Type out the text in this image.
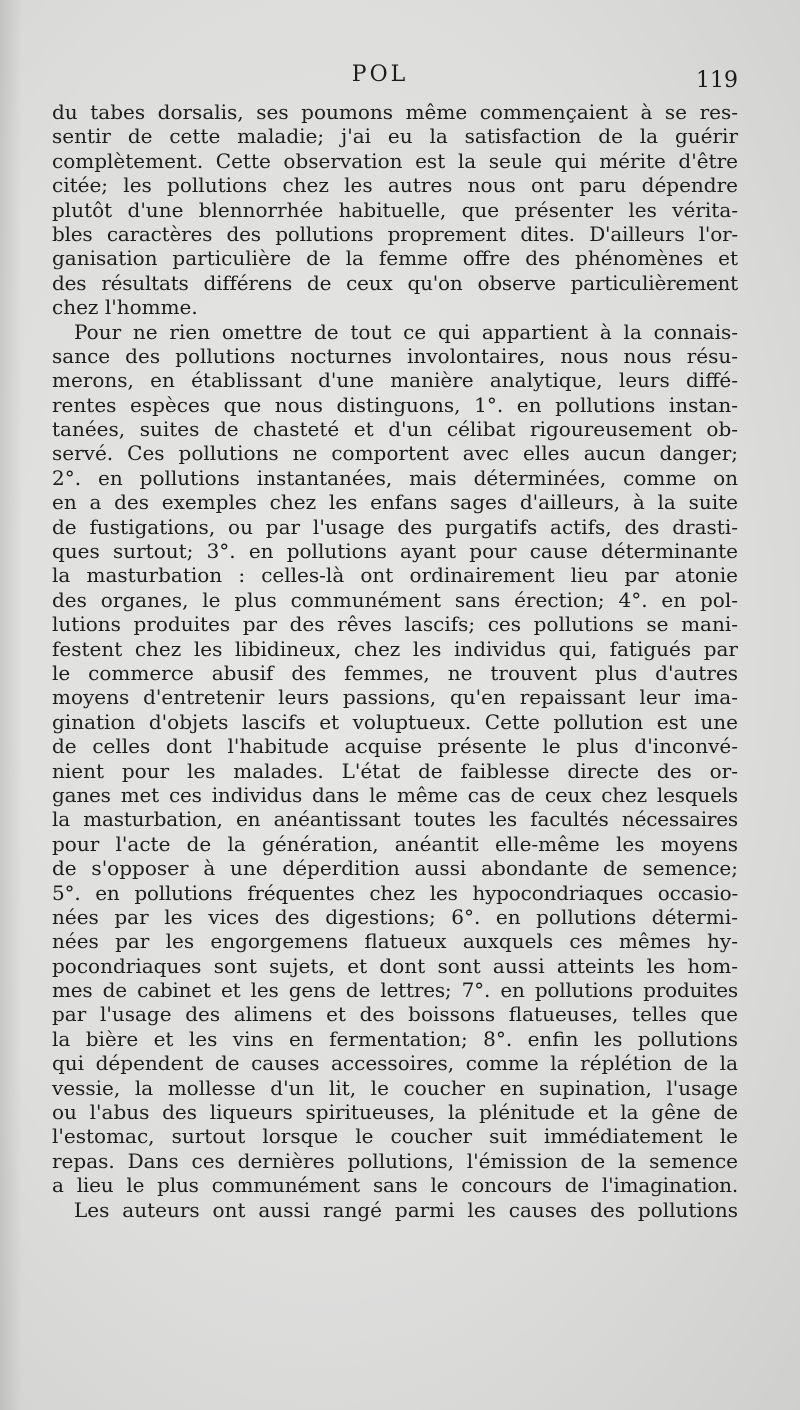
POL	119
du tabes dorsalis, ses poumons même commençaient à se res-
sentir de cette maladie; j'ai eu la satisfaction de la guérir
complètement. Cette observation est la seule qui mérite d'être
citée; les pollutions chez les autres nous ont paru dépendre
plutôt d'une blennorrhée habituelle, que présenter les vérita-
bles caractères des pollutions proprement dites. D'ailleurs l'or-
ganisation particulière de la femme offre des phénomènes et
des résultats différens de ceux qu'on observe particulièrement
chez l'homme.
Pour ne rien omettre de tout ce qui appartient à la connais-
sance des pollutions nocturnes involontaires, nous nous résu-
merons, en établissant d'une manière analytique, leurs diffé-
rentes espèces que nous distinguons, 1°. en pollutions instan-
tanées, suites de chasteté et d'un célibat rigoureusement ob-
servé. Ces pollutions ne comportent avec elles aucun danger;
2°. en pollutions instantanées, mais déterminées, comme on
en a des exemples chez les enfans sages d'ailleurs, à la suite
de fustigations, ou par l'usage des purgatifs actifs, des drasti-
ques surtout; 3°. en pollutions ayant pour cause déterminante
la masturbation : celles-là ont ordinairement lieu par atonie
des organes, le plus communément sans érection; 4°. en pol-
lutions produites par des rêves lascifs; ces pollutions se mani-
festent chez les libidineux, chez les individus qui, fatigués par
le commerce abusif des femmes, ne trouvent plus d'autres
moyens d'entretenir leurs passions, qu'en repaissant leur ima-
gination d'objets lascifs et voluptueux. Cette pollution est une
de celles dont l'habitude acquise présente le plus d'inconvé-
nient pour les malades. L'état de faiblesse directe des or-
ganes met ces individus dans le même cas de ceux chez lesquels
la masturbation, en anéantissant toutes les facultés nécessaires
pour l'acte de la génération, anéantit elle-même les moyens
de s'opposer à une déperdition aussi abondante de semence;
5°. en pollutions fréquentes chez les hypocondriaques occasio-
nées par les vices des digestions; 6°. en pollutions détermi-
nées par les engorgemens flatueux auxquels ces mêmes hy-
pocondriaques sont sujets, et dont sont aussi atteints les hom-
mes de cabinet et les gens de lettres; 7°. en pollutions produites
par l'usage des alimens et des boissons flatueuses, telles que
la bière et les vins en fermentation; 8°. enfin les pollutions
qui dépendent de causes accessoires, comme la réplétion de la
vessie, la mollesse d'un lit, le coucher en supination, l'usage
ou l'abus des liqueurs spiritueuses, la plénitude et la gêne de
l'estomac, surtout lorsque le coucher suit immédiatement le
repas. Dans ces dernières pollutions, l'émission de la semence
a lieu le plus communément sans le concours de l'imagination.
Les auteurs ont aussi rangé parmi les causes des pollutions
